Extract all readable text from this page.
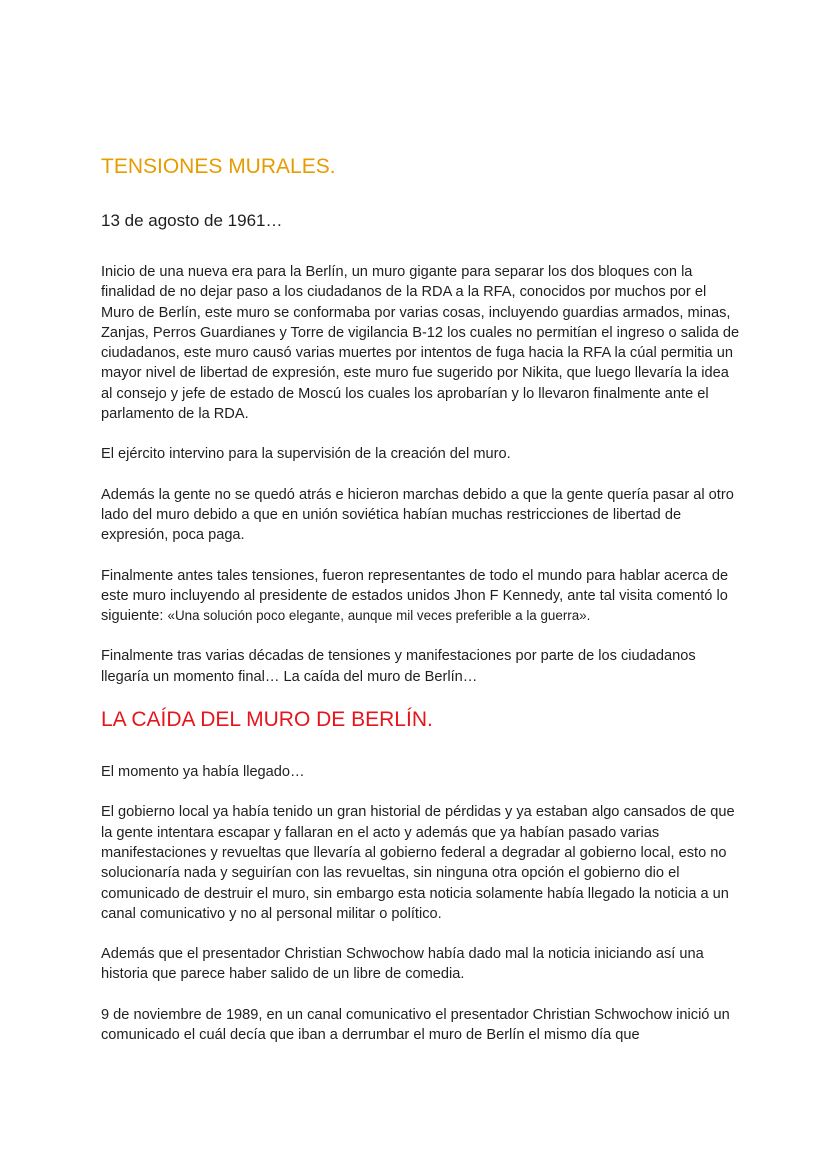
TENSIONES MURALES.

13 de agosto de 1961…

Inicio de una nueva era para la Berlín, un muro gigante para separar los dos bloques con la finalidad de no dejar paso a los ciudadanos de la RDA a la RFA, conocidos por muchos por el Muro de Berlín, este muro se conformaba por varias cosas, incluyendo guardias armados, minas, Zanjas, Perros Guardianes y Torre de vigilancia B-12 los cuales no permitían el ingreso o salida de ciudadanos, este muro causó varias muertes por intentos de fuga hacia la RFA la cúal permitia un mayor nivel de libertad de expresión, este muro fue sugerido por Nikita, que luego llevaría la idea al consejo y jefe de estado de Moscú los cuales los aprobarían y lo llevaron finalmente ante el parlamento de la RDA.

El ejército intervino para la supervisión de la creación del muro.

Además la gente no se quedó atrás e hicieron marchas debido a que la gente quería pasar al otro lado del muro debido a que en unión soviética habían muchas restricciones de libertad de expresión, poca paga.

Finalmente antes tales tensiones, fueron representantes de todo el mundo para hablar acerca de este muro incluyendo al presidente de estados unidos Jhon F Kennedy, ante tal visita comentó lo siguiente: «Una solución poco elegante, aunque mil veces preferible a la guerra».

Finalmente tras varias décadas de tensiones y manifestaciones por parte de los ciudadanos llegaría un momento final… La caída del muro de Berlín…

LA CAÍDA DEL MURO DE BERLÍN.

El momento ya había llegado…

El gobierno local ya había tenido un gran historial de pérdidas y ya estaban algo cansados de que la gente intentara escapar y fallaran en el acto y además que ya habían pasado varias manifestaciones y revueltas que llevaría al gobierno federal a degradar al gobierno local, esto no solucionaría nada y seguirían con las revueltas, sin ninguna otra opción el gobierno dio el comunicado de destruir el muro, sin embargo esta noticia solamente había llegado la noticia a un canal comunicativo y no al personal militar o político.

Además que el presentador Christian Schwochow había dado mal la noticia iniciando así una historia que parece haber salido de un libre de comedia.

9 de noviembre de 1989, en un canal comunicativo el presentador Christian Schwochow inició un comunicado el cuál decía que iban a derrumbar el muro de Berlín el mismo día que
